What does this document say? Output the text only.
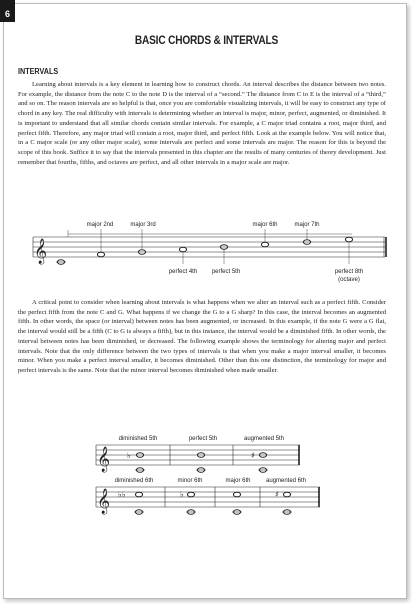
6
BASIC CHORDS & INTERVALS
INTERVALS

Learning about intervals is a key element in learning how to construct chords. An interval describes the distance between two notes. For example, the distance from the note C to the note D is the interval of a “second.” The distance from C to E is the interval of a “third,” and so on. The reason intervals are so helpful is that, once you are comfortable visualizing intervals, it will be easy to construct any type of chord in any key. The real difficulty with intervals is determining whether an interval is major, minor, perfect, augmented, or diminished. It is important to understand that all similar chords contain similar intervals. For example, a C major triad contains a root, major third, and perfect fifth. Therefore, any major triad will contain a root, major third, and perfect fifth. Look at the example below. You will notice that, in a C major scale (or any other major scale), some intervals are perfect and some intervals are major. The reason for this is beyond the scope of this book. Suffice it to say that the intervals presented in this chapter are the results of many centuries of theory development. Just remember that fourths, fifths, and octaves are perfect, and all other intervals in a major scale are major.

A critical point to consider when learning about intervals is what happens when we alter an interval such as a perfect fifth. Consider the perfect fifth from the note C and G. What happens if we change the G to a G sharp? In this case, the interval becomes an augmented fifth. In other words, the space (or interval) between notes has been augmented, or increased. In this example, if the note G were a G flat, the interval would still be a fifth (C to G is always a fifth), but in this instance, the interval would be a diminished fifth. In other words, the interval between notes has been diminished, or decreased. The following example shows the terminology for altering major and perfect intervals. Note that the only difference between the two types of intervals is that when you make a major interval smaller, it becomes minor. When you make a perfect interval smaller, it becomes diminished. Other than this one distinction, the terminology for major and perfect intervals is the same. Note that the minor interval becomes diminished when made smaller.

𝄞
major 2nd	major 3rd	major 6th	major 7th
perfect 4th perfect 5th	perfect 8th
(octave)
𝄞 ♭	♯
diminished 5th	perfect 5th	augmented 5th
𝄞 ♭♭	♭	♯
diminished 6th	minor 6th	major 6th	augmented 6th
